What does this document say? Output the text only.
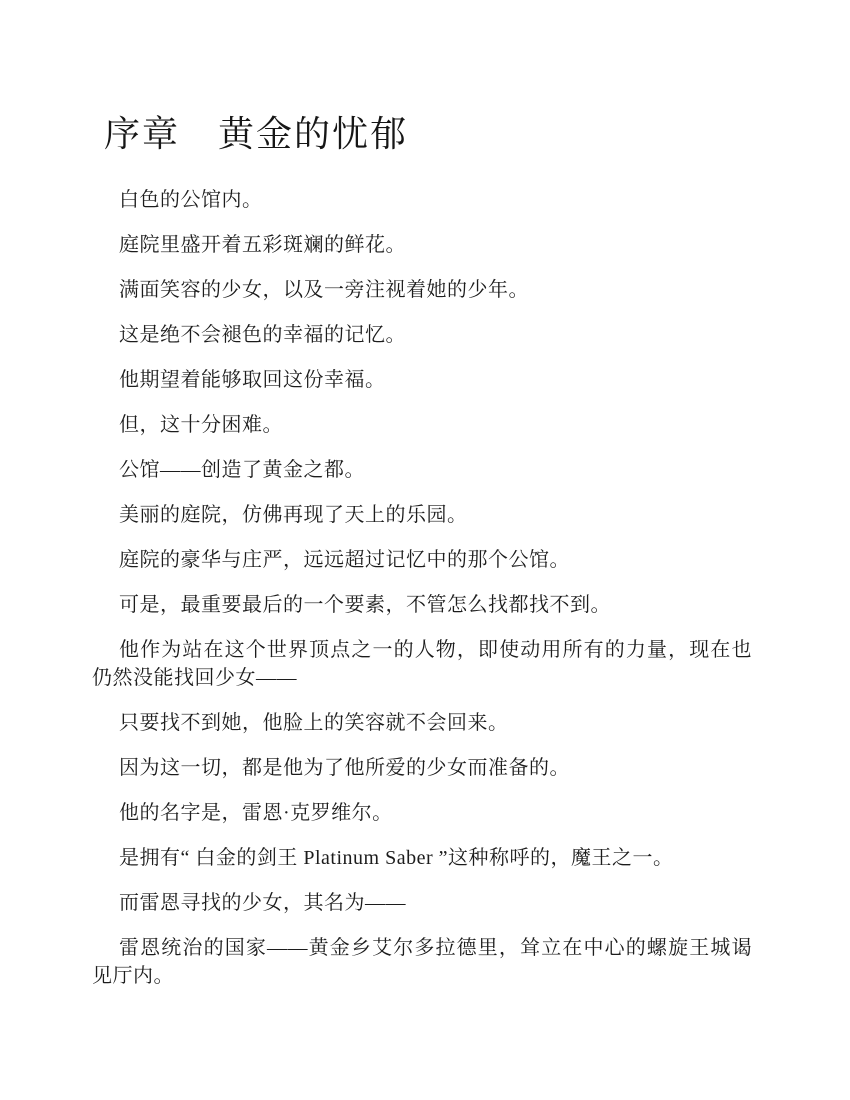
序章　黄金的忧郁

白色的公馆内。

庭院里盛开着五彩斑斓的鲜花。

满面笑容的少女，以及一旁注视着她的少年。

这是绝不会褪色的幸福的记忆。

他期望着能够取回这份幸福。

但，这十分困难。

公馆——创造了黄金之都。

美丽的庭院，仿佛再现了天上的乐园。

庭院的豪华与庄严，远远超过记忆中的那个公馆。

可是，最重要最后的一个要素，不管怎么找都找不到。

他作为站在这个世界顶点之一的人物，即使动用所有的力量，现在也仍然没能找回少女——

只要找不到她，他脸上的笑容就不会回来。

因为这一切，都是他为了他所爱的少女而准备的。

他的名字是，雷恩·克罗维尔。

是拥有“ 白金的剑王 Platinum Saber ”这种称呼的，魔王之一。

而雷恩寻找的少女，其名为——

雷恩统治的国家——黄金乡艾尔多拉德里，耸立在中心的螺旋王城谒见厅内。
